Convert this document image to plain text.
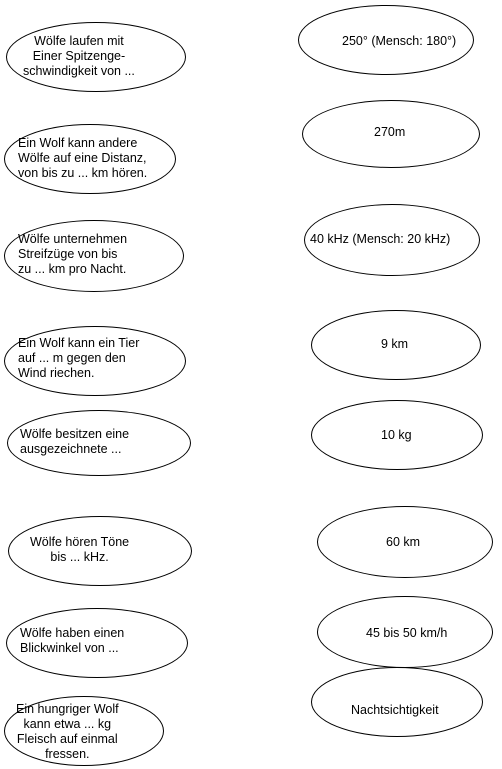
Wölfe laufen mit
Einer Spitzenge-
schwindigkeit von ...

Ein Wolf kann andere
Wölfe auf eine Distanz,
von bis zu ... km hören.

Wölfe unternehmen
Streifzüge von bis
zu ... km pro Nacht.

Ein Wolf kann ein Tier
auf ... m gegen den
Wind riechen.

Wölfe besitzen eine
ausgezeichnete ...

Wölfe hören Töne
bis ... kHz.

Wölfe haben einen
Blickwinkel von ...

Ein hungriger Wolf
kann etwa ... kg
Fleisch auf einmal
fressen.

250° (Mensch: 180°)

270m

40 kHz (Mensch: 20 kHz)

9 km

10 kg

60 km

45 bis 50 km/h

Nachtsichtigkeit
